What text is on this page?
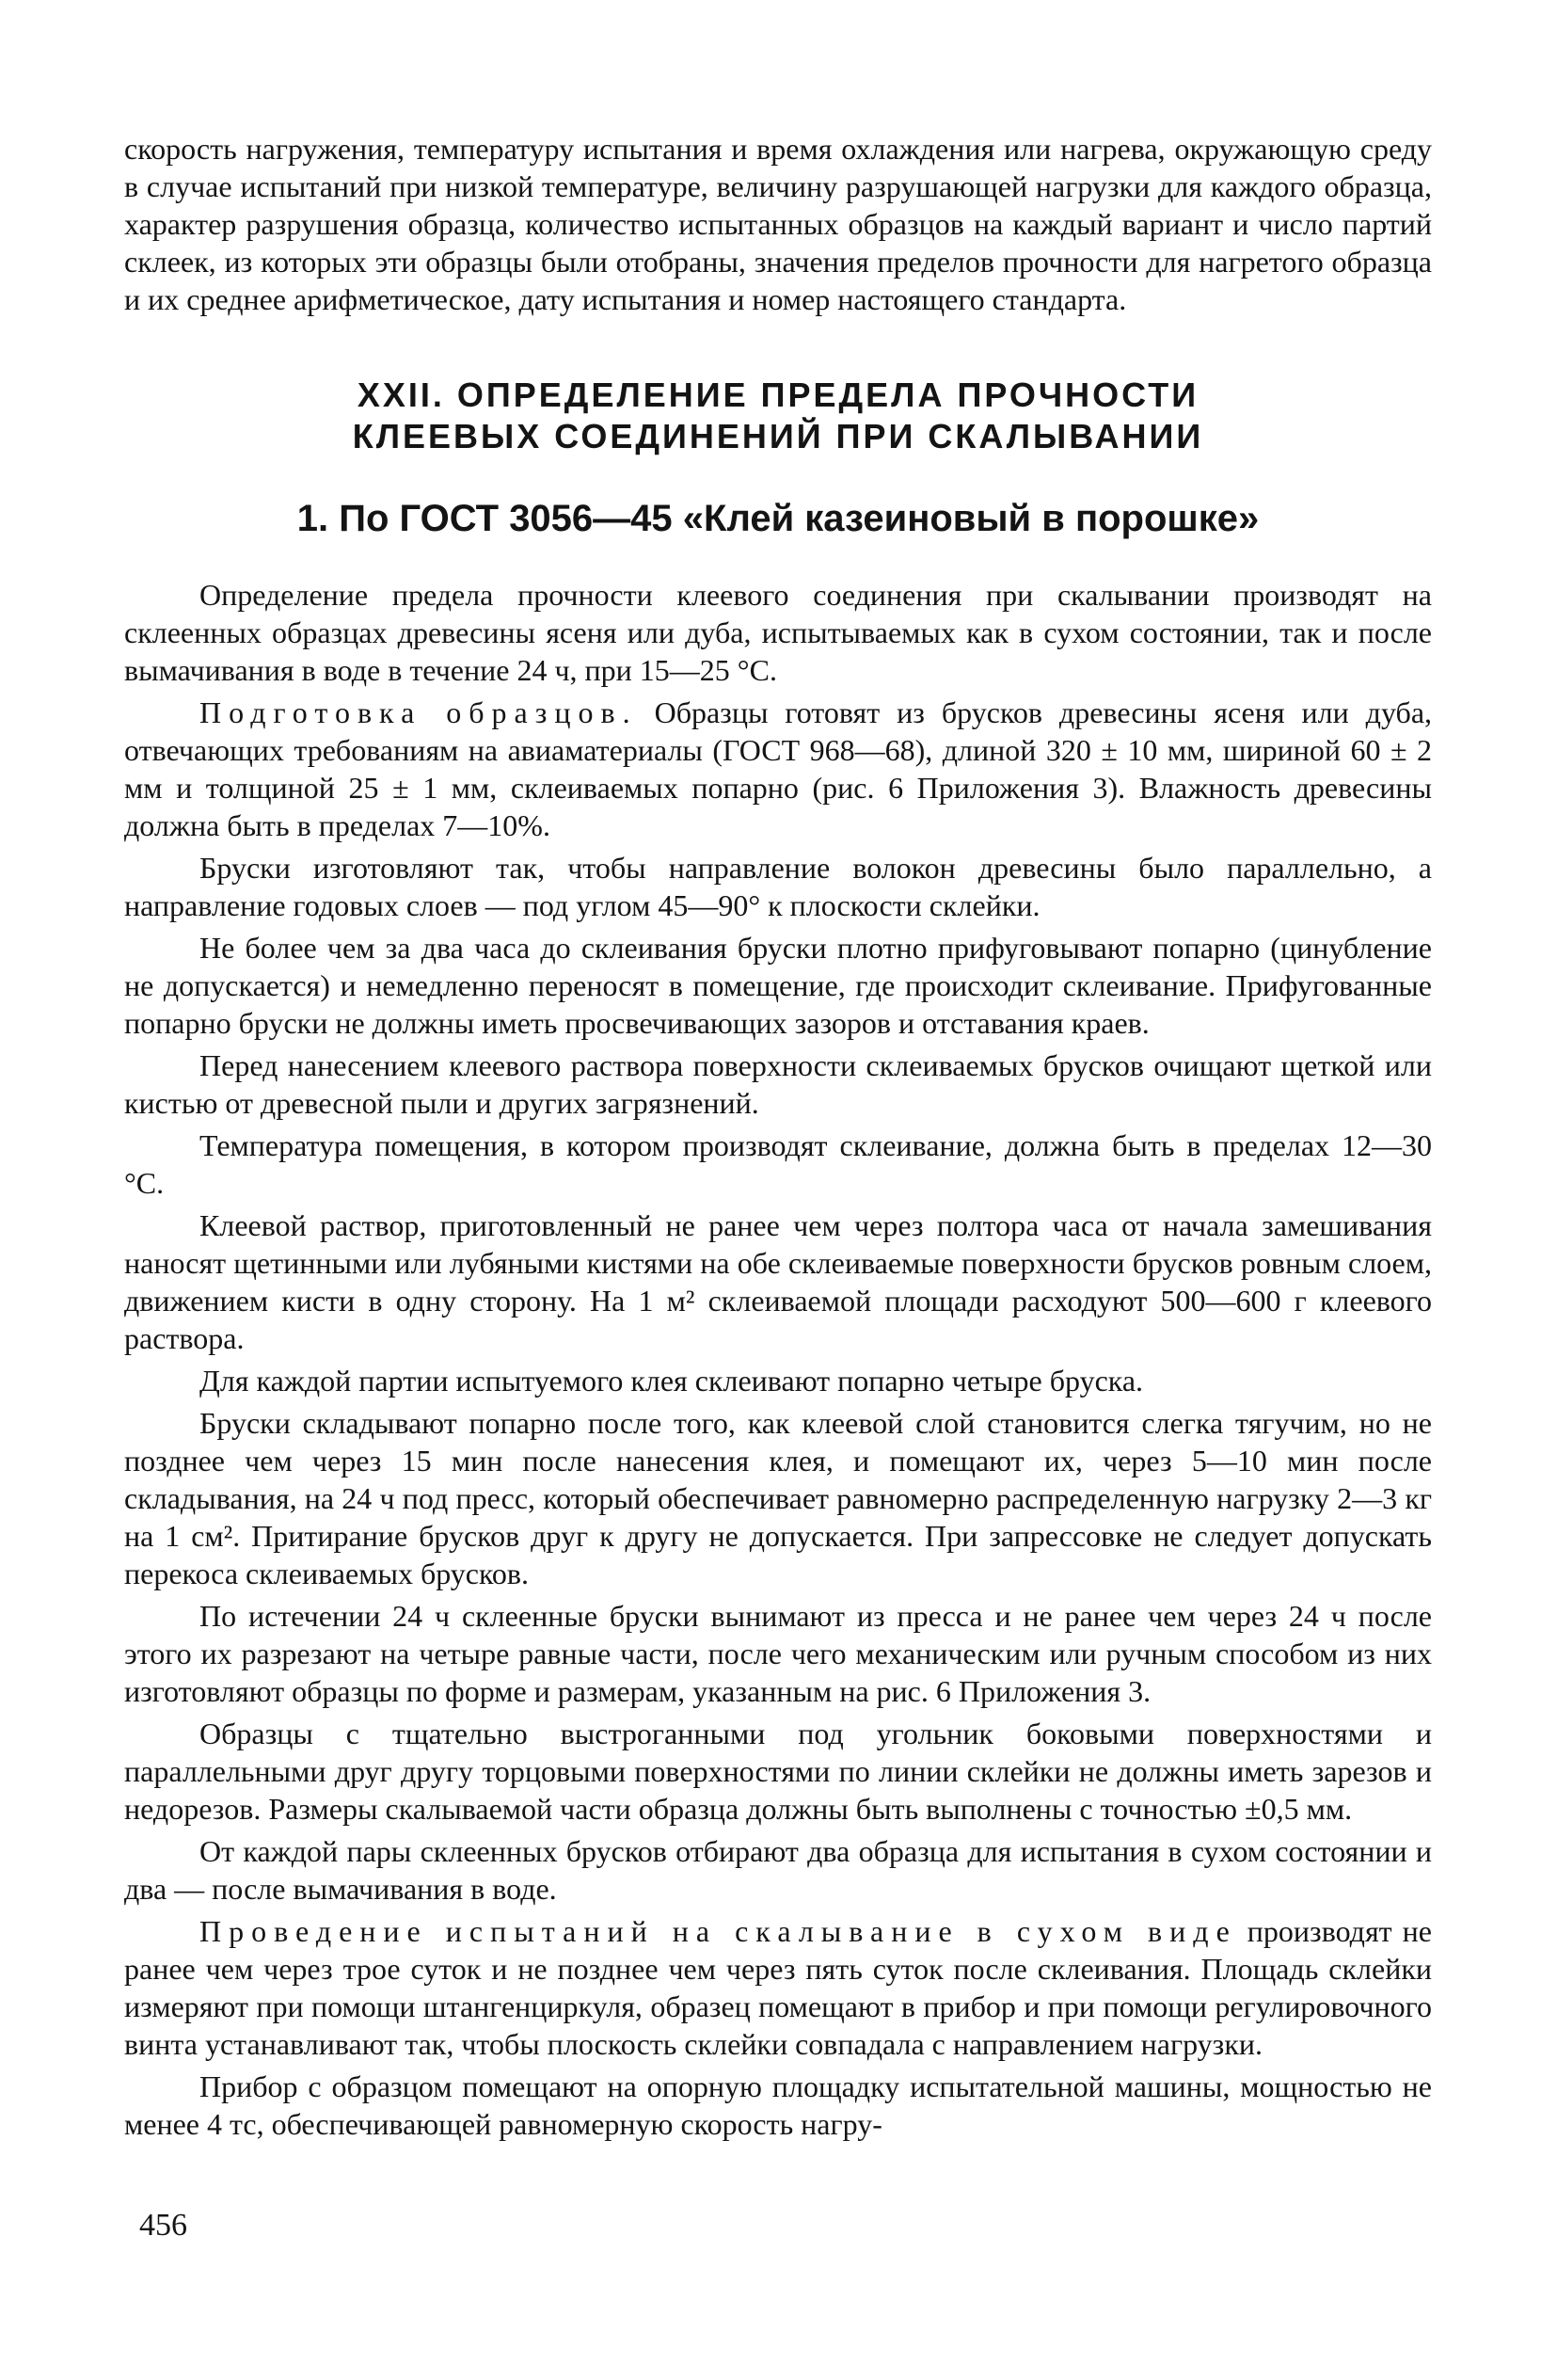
скорость нагружения, температуру испытания и время охлаждения или нагрева, окружающую среду в случае испытаний при низкой температуре, величину разрушающей нагрузки для каждого образца, характер разрушения образца, количество испытанных образцов на каждый вариант и число партий склеек, из которых эти образцы были отобраны, значения пределов прочности для нагретого образца и их среднее арифметическое, дату испытания и номер настоящего стандарта.

XXII. ОПРЕДЕЛЕНИЕ ПРЕДЕЛА ПРОЧНОСТИ
КЛЕЕВЫХ СОЕДИНЕНИЙ ПРИ СКАЛЫВАНИИ
1. По ГОСТ 3056—45 «Клей казеиновый в порошке»

Определение предела прочности клеевого соединения при скалывании производят на склеенных образцах древесины ясеня или дуба, испытываемых как в сухом состоянии, так и после вымачивания в воде в течение 24 ч, при 15—25 °С.

Подготовка образцов. Образцы готовят из брусков древесины ясеня или дуба, отвечающих требованиям на авиаматериалы (ГОСТ 968—68), длиной 320 ± 10 мм, шириной 60 ± 2 мм и толщиной 25 ± 1 мм, склеиваемых попарно (рис. 6 Приложения 3). Влажность древесины должна быть в пределах 7—10%.

Бруски изготовляют так, чтобы направление волокон древесины было параллельно, а направление годовых слоев — под углом 45—90° к плоскости склейки.

Не более чем за два часа до склеивания бруски плотно прифуговывают попарно (цинубление не допускается) и немедленно переносят в помещение, где происходит склеивание. Прифугованные попарно бруски не должны иметь просвечивающих зазоров и отставания краев.

Перед нанесением клеевого раствора поверхности склеиваемых брусков очищают щеткой или кистью от древесной пыли и других загрязнений.

Температура помещения, в котором производят склеивание, должна быть в пределах 12—30 °С.

Клеевой раствор, приготовленный не ранее чем через полтора часа от начала замешивания наносят щетинными или лубяными кистями на обе склеиваемые поверхности брусков ровным слоем, движением кисти в одну сторону. На 1 м² склеиваемой площади расходуют 500—600 г клеевого раствора.

Для каждой партии испытуемого клея склеивают попарно четыре бруска.

Бруски складывают попарно после того, как клеевой слой становится слегка тягучим, но не позднее чем через 15 мин после нанесения клея, и помещают их, через 5—10 мин после складывания, на 24 ч под пресс, который обеспечивает равномерно распределенную нагрузку 2—3 кг на 1 см². Притирание брусков друг к другу не допускается. При запрессовке не следует допускать перекоса склеиваемых брусков.

По истечении 24 ч склеенные бруски вынимают из пресса и не ранее чем через 24 ч после этого их разрезают на четыре равные части, после чего механическим или ручным способом из них изготовляют образцы по форме и размерам, указанным на рис. 6 Приложения 3.

Образцы с тщательно выстроганными под угольник боковыми поверхностями и параллельными друг другу торцовыми поверхностями по линии склейки не должны иметь зарезов и недорезов. Размеры скалываемой части образца должны быть выполнены с точностью ±0,5 мм.

От каждой пары склеенных брусков отбирают два образца для испытания в сухом состоянии и два — после вымачивания в воде.

Проведение испытаний на скалывание в сухом виде производят не ранее чем через трое суток и не позднее чем через пять суток после склеивания. Площадь склейки измеряют при помощи штангенциркуля, образец помещают в прибор и при помощи регулировочного винта устанавливают так, чтобы плоскость склейки совпадала с направлением нагрузки.

Прибор с образцом помещают на опорную площадку испытательной машины, мощностью не менее 4 тс, обеспечивающей равномерную скорость нагру-

456
